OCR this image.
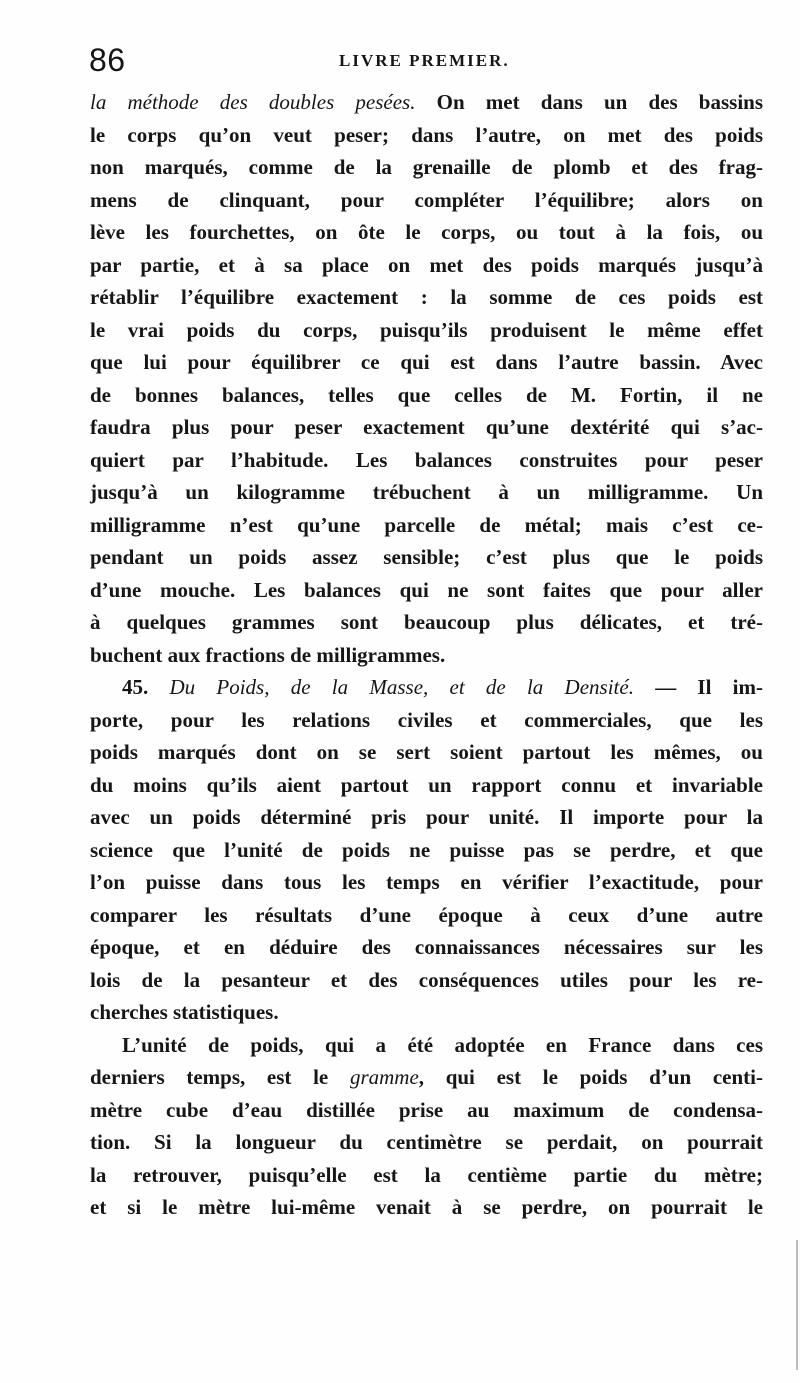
86	LIVRE PREMIER.
la méthode des doubles pesées. On met dans un des bassins
le corps qu’on veut peser; dans l’autre, on met des poids
non marqués, comme de la grenaille de plomb et des frag-
mens de clinquant, pour compléter l’équilibre; alors on
lève les fourchettes, on ôte le corps, ou tout à la fois, ou
par partie, et à sa place on met des poids marqués jusqu’à
rétablir l’équilibre exactement : la somme de ces poids est
le vrai poids du corps, puisqu’ils produisent le même effet
que lui pour équilibrer ce qui est dans l’autre bassin. Avec
de bonnes balances, telles que celles de M. Fortin, il ne
faudra plus pour peser exactement qu’une dextérité qui s’ac-
quiert par l’habitude. Les balances construites pour peser
jusqu’à un kilogramme trébuchent à un milligramme. Un
milligramme n’est qu’une parcelle de métal; mais c’est ce-
pendant un poids assez sensible; c’est plus que le poids
d’une mouche. Les balances qui ne sont faites que pour aller
à quelques grammes sont beaucoup plus délicates, et tré-
buchent aux fractions de milligrammes.
45. Du Poids, de la Masse, et de la Densité. — Il im-
porte, pour les relations civiles et commerciales, que les
poids marqués dont on se sert soient partout les mêmes, ou
du moins qu’ils aient partout un rapport connu et invariable
avec un poids déterminé pris pour unité. Il importe pour la
science que l’unité de poids ne puisse pas se perdre, et que
l’on puisse dans tous les temps en vérifier l’exactitude, pour
comparer les résultats d’une époque à ceux d’une autre
époque, et en déduire des connaissances nécessaires sur les
lois de la pesanteur et des conséquences utiles pour les re-
cherches statistiques.
L’unité de poids, qui a été adoptée en France dans ces
derniers temps, est le gramme, qui est le poids d’un centi-
mètre cube d’eau distillée prise au maximum de condensa-
tion. Si la longueur du centimètre se perdait, on pourrait
la retrouver, puisqu’elle est la centième partie du mètre;
et si le mètre lui-même venait à se perdre, on pourrait le
